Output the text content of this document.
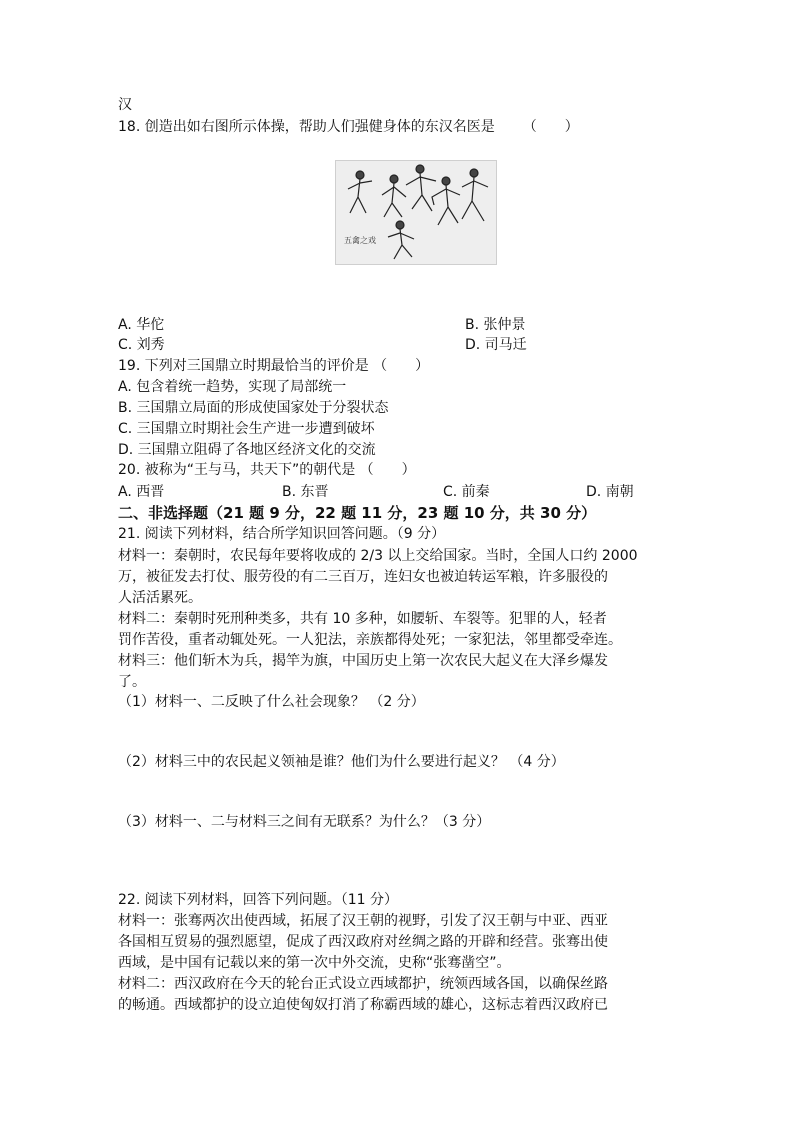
汉
18. 创造出如右图所示体操，帮助人们强健身体的东汉名医是 （　　）
五禽之戏
A. 华佗	B. 张仲景
C. 刘秀	D. 司马迁
19. 下列对三国鼎立时期最恰当的评价是 （　　）
A. 包含着统一趋势，实现了局部统一
B. 三国鼎立局面的形成使国家处于分裂状态
C. 三国鼎立时期社会生产进一步遭到破坏
D. 三国鼎立阻碍了各地区经济文化的交流
20. 被称为“王与马，共天下”的朝代是 （　　）
A. 西晋	B. 东晋	C. 前秦	D. 南朝
二、非选择题（21 题 9 分，22 题 11 分，23 题 10 分，共 30 分）
21. 阅读下列材料，结合所学知识回答问题。（9 分）
材料一：秦朝时，农民每年要将收成的 2/3 以上交给国家。当时，全国人口约 2000
万，被征发去打仗、服劳役的有二三百万，连妇女也被迫转运军粮，许多服役的
人活活累死。
材料二：秦朝时死刑种类多，共有 10 多种，如腰斩、车裂等。犯罪的人，轻者
罚作苦役，重者动辄处死。一人犯法，亲族都得处死；一家犯法，邻里都受牵连。
材料三：他们斩木为兵，揭竿为旗，中国历史上第一次农民大起义在大泽乡爆发
了。
（1）材料一、二反映了什么社会现象？ （2 分）
（2）材料三中的农民起义领袖是谁？他们为什么要进行起义？ （4 分）
（3）材料一、二与材料三之间有无联系？为什么？（3 分）
22. 阅读下列材料，回答下列问题。（11 分）
材料一：张骞两次出使西域，拓展了汉王朝的视野，引发了汉王朝与中亚、西亚
各国相互贸易的强烈愿望，促成了西汉政府对丝绸之路的开辟和经营。张骞出使
西域，是中国有记载以来的第一次中外交流，史称“张骞凿空”。
材料二：西汉政府在今天的轮台正式设立西域都护，统领西域各国，以确保丝路
的畅通。西域都护的设立迫使匈奴打消了称霸西域的雄心，这标志着西汉政府已
